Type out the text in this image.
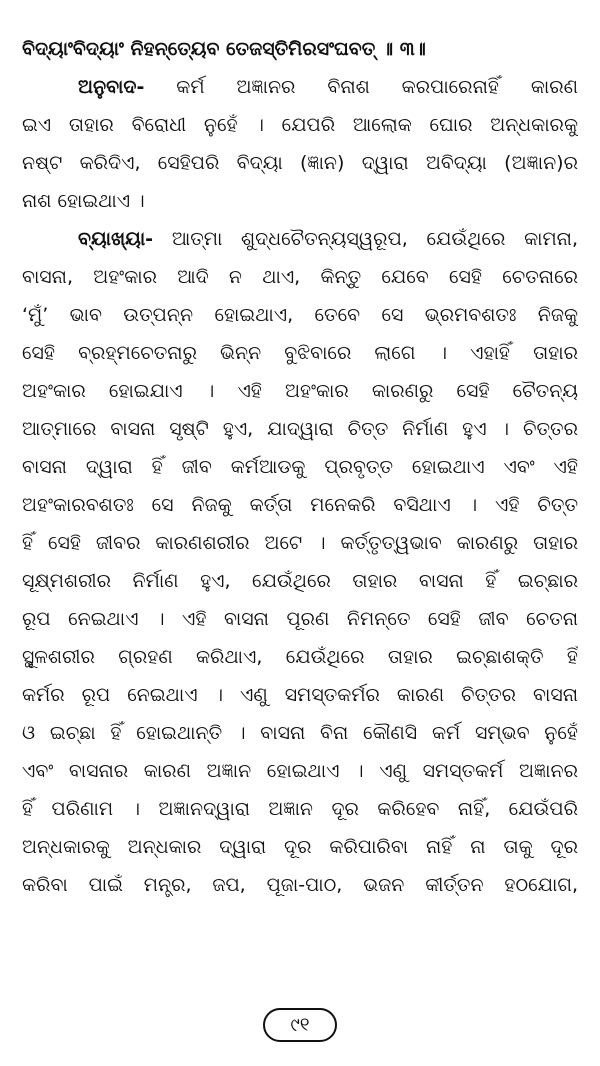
ବିଦ୍ୟାଂବିଦ୍ୟାଂ ନିହନ୍ତ୍ୟେବ ତେଜସ୍ତିମିରସଂଘବତ୍ ॥ ୩॥
ଅନୁବାଦ- କର୍ମ ଅଜ୍ଞାନର ବିନାଶ କରପାରେନାହିଁ କାରଣ
ଇଏ ତାହାର ବିରୋଧୀ ନୁହେଁ । ଯେପରି ଆଲୋକ ଘୋର ଅନ୍ଧକାରକୁ
ନଷ୍ଟ କରିଦିଏ, ସେହିପରି ବିଦ୍ୟା (ଜ୍ଞାନ) ଦ୍ୱାରା ଅବିଦ୍ୟା (ଅଜ୍ଞାନ)ର
ନାଶ ହୋଇଥାଏ ।
ବ୍ୟାଖ୍ୟା- ଆତ୍ମା ଶୁଦ୍ଧଚୈତନ୍ୟସ୍ୱରୂପ, ଯେଉଁଥିରେ କାମନା,
ବାସନା, ଅହଂକାର ଆଦି ନ ଥାଏ, କିନ୍ତୁ ଯେବେ ସେହି ଚେତନାରେ
‘ମୁଁ’ ଭାବ ଉତ୍ପନ୍ନ ହୋଇଥାଏ, ତେବେ ସେ ଭ୍ରମବଶତଃ ନିଜକୁ
ସେହି ବ୍ରହ୍ମଚେତନାରୁ ଭିନ୍ନ ବୁଝିବାରେ ଲାଗେ । ଏହାହିଁ ତାହାର
ଅହଂକାର ହୋଇଯାଏ । ଏହି ଅହଂକାର କାରଣରୁ ସେହି ଚୈତନ୍ୟ
ଆତ୍ମାରେ ବାସନା ସୃଷ୍ଟି ହୁଏ, ଯାଦ୍ୱାରା ଚିତ୍ତ ନିର୍ମାଣ ହୁଏ । ଚିତ୍ତର
ବାସନା ଦ୍ୱାରା ହିଁ ଜୀବ କର୍ମଆଡକୁ ପ୍ରବୃତ୍ତ ହୋଇଥାଏ ଏବଂ ଏହି
ଅହଂକାରବଶତଃ ସେ ନିଜକୁ କର୍ତ୍ତା ମନେକରି ବସିଥାଏ । ଏହି ଚିତ୍ତ
ହିଁ ସେହି ଜୀବର କାରଣଶରୀର ଅଟେ । କର୍ତ୍ତୃତ୍ୱଭାବ କାରଣରୁ ତାହାର
ସୂକ୍ଷ୍ମଶରୀର ନିର୍ମାଣ ହୁଏ, ଯେଉଁଥିରେ ତାହାର ବାସନା ହିଁ ଇଚ୍ଛାର
ରୂପ ନେଇଥାଏ । ଏହି ବାସନା ପୂରଣ ନିମନ୍ତେ ସେହି ଜୀବ ଚେତନା
ସ୍ଥୂଳଶରୀର ଗ୍ରହଣ କରିଥାଏ, ଯେଉଁଥିରେ ତାହାର ଇଚ୍ଛାଶକ୍ତି ହିଁ
କର୍ମର ରୂପ ନେଇଥାଏ । ଏଣୁ ସମସ୍ତକର୍ମର କାରଣ ଚିତ୍ତର ବାସନା
ଓ ଇଚ୍ଛା ହିଁ ହୋଇଥାନ୍ତି । ବାସନା ବିନା କୌଣସି କର୍ମ ସମ୍ଭବ ନୁହେଁ
ଏବଂ ବାସନାର କାରଣ ଅଜ୍ଞାନ ହୋଇଥାଏ । ଏଣୁ ସମସ୍ତକର୍ମ ଅଜ୍ଞାନର
ହିଁ ପରିଣାମ । ଅଜ୍ଞାନଦ୍ୱାରା ଅଜ୍ଞାନ ଦୂର କରିହେବ ନାହିଁ, ଯେଉଁପରି
ଅନ୍ଧକାରକୁ ଅନ୍ଧକାର ଦ୍ୱାରା ଦୂର କରିପାରିବା ନାହିଁ ନା ତାକୁ ଦୂର
କରିବା ପାଇଁ ମନ୍ତ୍ର, ଜପ, ପୂଜା-ପାଠ, ଭଜନ କୀର୍ତ୍ତନ ହଠଯୋଗ,
୯୧
